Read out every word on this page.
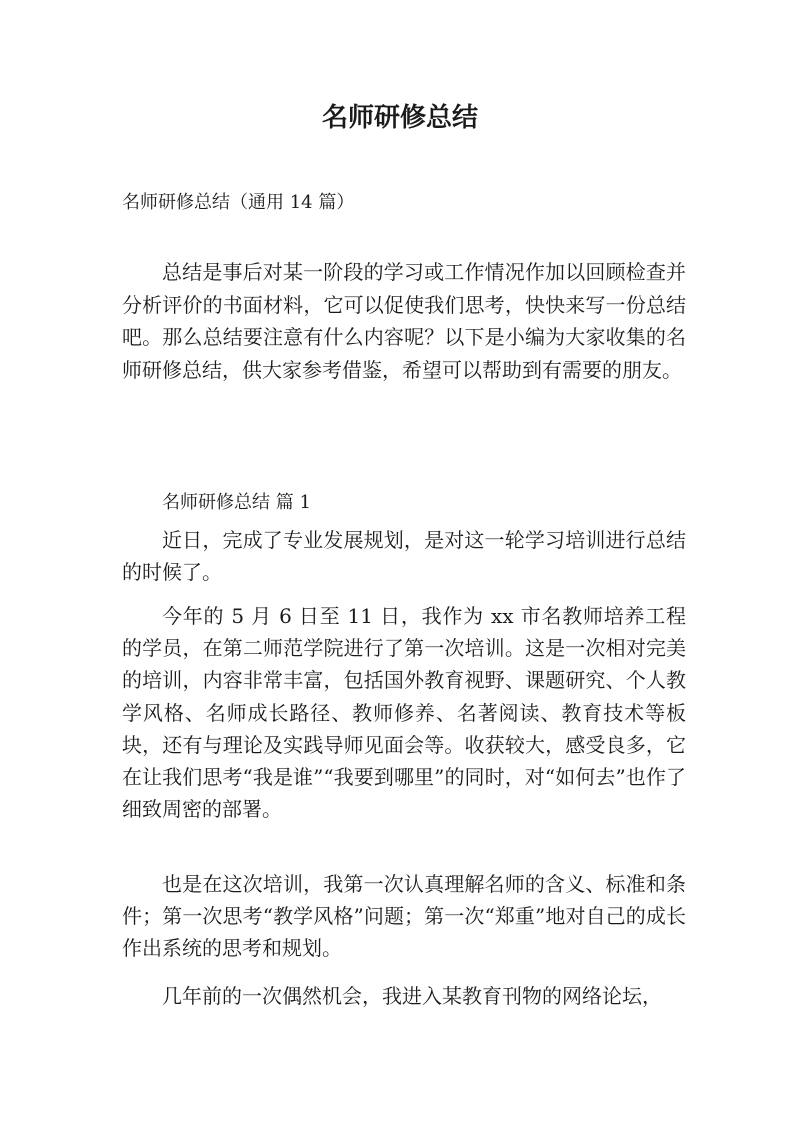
名师研修总结

名师研修总结（通用 14 篇）

总结是事后对某一阶段的学习或工作情况作加以回顾检查并分析评价的书面材料，它可以促使我们思考，快快来写一份总结吧。那么总结要注意有什么内容呢？以下是小编为大家收集的名师研修总结，供大家参考借鉴，希望可以帮助到有需要的朋友。

名师研修总结 篇 1

近日，完成了专业发展规划，是对这一轮学习培训进行总结的时候了。

今年的 5 月 6 日至 11 日，我作为 xx 市名教师培养工程的学员，在第二师范学院进行了第一次培训。这是一次相对完美的培训，内容非常丰富，包括国外教育视野、课题研究、个人教学风格、名师成长路径、教师修养、名著阅读、教育技术等板块，还有与理论及实践导师见面会等。收获较大，感受良多，它在让我们思考“我是谁”“我要到哪里”的同时，对“如何去”也作了细致周密的部署。

也是在这次培训，我第一次认真理解名师的含义、标准和条件；第一次思考“教学风格”问题；第一次“郑重”地对自己的成长作出系统的思考和规划。

几年前的一次偶然机会，我进入某教育刊物的网络论坛，
